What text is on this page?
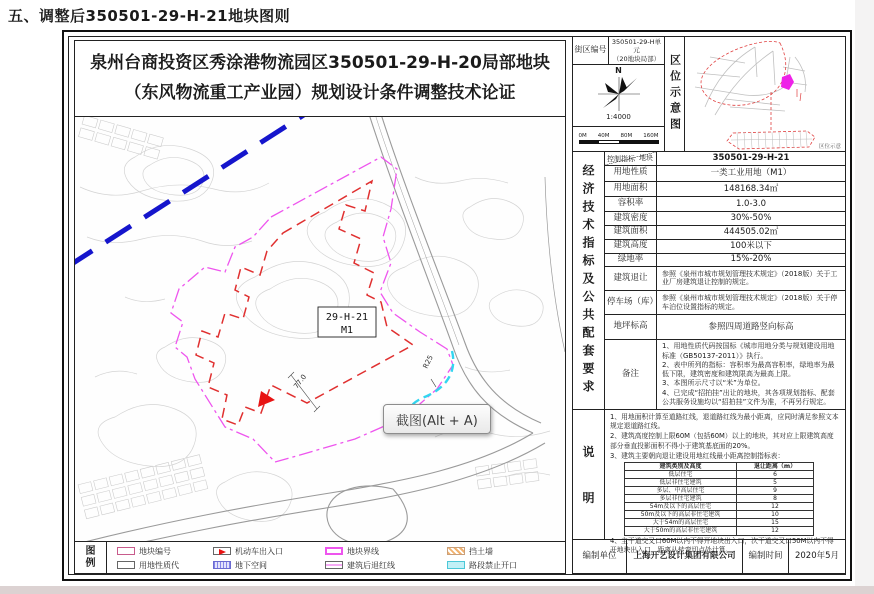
五、调整后350501-29-H-21地块图则
泉州台商投资区秀涂港物流园区350501-29-H-20局部地块
（东风物流重工产业园）规划设计条件调整技术论证
77.0
R25
29-H-21
M1
图
例
地块编号	机动车出入口	地块界线	挡土墙
用地性质代	地下空间	建筑后退红线	路段禁止开口
街区编号
350501-29-H单元
（20地块局部）
N
1:4000
0M 40M 80M 160M
区位示意图
区位示意
经济技术指标及公共配套要求
地块
控制指标	350501-29-H-21
用地性质	一类工业用地（M1）
用地面积	148168.34㎡
容积率	1.0-3.0
建筑密度	30%-50%
建筑面积	444505.02㎡
建筑高度	100米以下
绿地率	15%-20%
建筑退让	参照《泉州市城市规划管理技术规定》（2018版）关于工业厂房建筑退让控制的规定。
停车场（库） 参照《泉州市城市规划管理技术规定》（2018版）关于停车泊位设置指标的规定。
地坪标高	参照四周道路竖向标高
备注
1、用地性质代码按国标《城市用地分类与规划建设用地标准（GB50137-2011）》执行。
2、表中所列的指标：容积率为最高容积率，绿地率为最低下限，建筑密度和建筑限高为最高上限。
3、本图所示尺寸以“米”为单位。
4、已完成“招拍挂”出让的地块，其各项规划指标、配套公共服务设施均以“招拍挂”文件为准，不再另行规定。
说
明

1、用地面积计算至道路红线，退道路红线为最小距离，应同时满足参照文本规定退道路红线。

2、建筑高度控制上限60M（包括60M）以上的地块，其对应上限建筑高度部分垂直投影面积不得小于建筑基底面的20%。

3、建筑主要朝向退让建设用地红线最小距离控制指标表：

建筑类别及高度	退让距离（m）
低层住宅	6
低层非住宅建筑	5
多层、中高层住宅	9
多层非住宅建筑	8
54m及以下的高层住宅	12
50m及以下的高层非住宅建筑	10
大于54m的高层住宅	15
大于50m的高层非住宅建筑	12

4、主干道交叉口60M以内不得开地块出入口，次干道交叉口50M以内不得开地块出入口，距离从转弯切点处计算。

编制单位	上海开艺设计集团有限公司	编制时间	2020年5月
截图(Alt + A)
